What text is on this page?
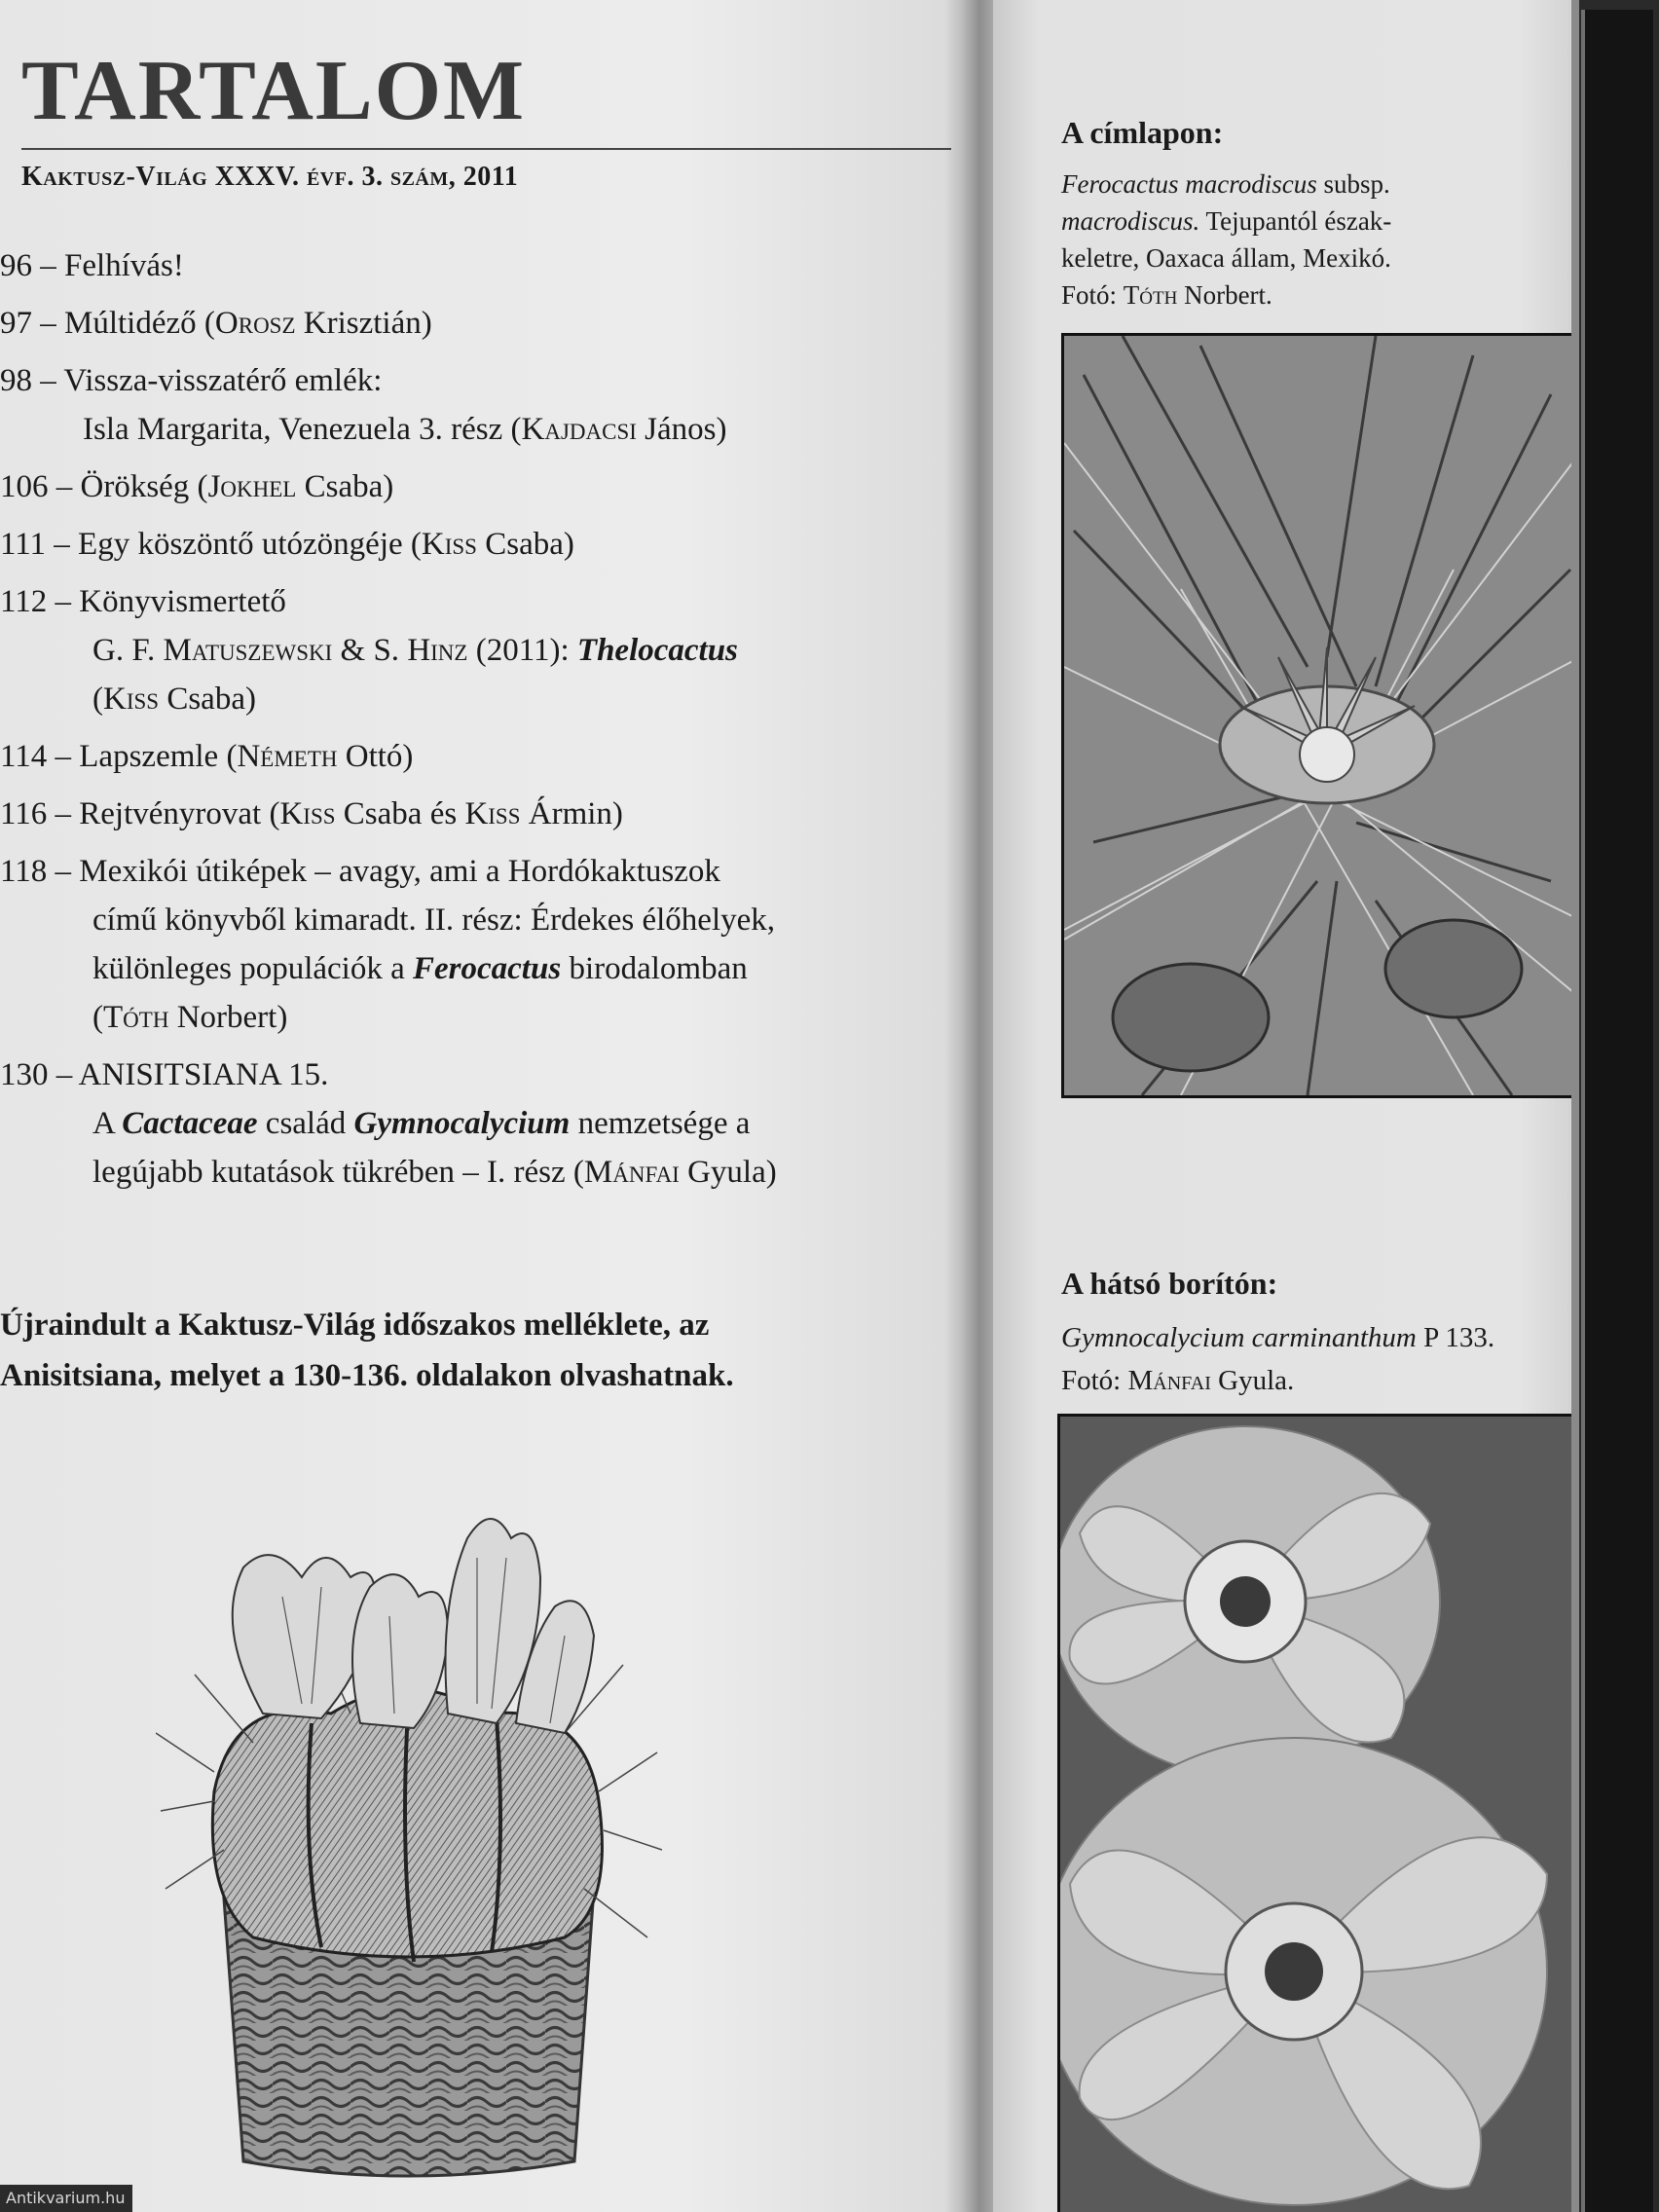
TARTALOM
Kaktusz-Világ XXXV. évf. 3. szám, 2011
96 – Felhívás!
97 – Múltidéző (Orosz Krisztián)
98 – Vissza-visszatérő emlék:
Isla Margarita, Venezuela 3. rész (Kajdacsi János)
106 – Örökség (Jokhel Csaba)
111 – Egy köszöntő utózöngéje (Kiss Csaba)
112 – Könyvismertető
G. F. Matuszewski & S. Hinz (2011): Thelocactus
(Kiss Csaba)
114 – Lapszemle (Németh Ottó)
116 – Rejtvényrovat (Kiss Csaba és Kiss Ármin)
118 – Mexikói útiképek – avagy, ami a Hordókaktuszok
című könyvből kimaradt. II. rész: Érdekes élőhelyek,
különleges populációk a Ferocactus birodalomban
(Tóth Norbert)
130 – ANISITSIANA 15.
A Cactaceae család Gymnocalycium nemzetsége a
legújabb kutatások tükrében – I. rész (Mánfai Gyula)
Újraindult a Kaktusz-Világ időszakos melléklete, az
Anisitsiana, melyet a 130-136. oldalakon olvashatnak.
A címlapon:
Ferocactus macrodiscus subsp.
macrodiscus. Tejupantól észak-
keletre, Oaxaca állam, Mexikó.
Fotó: Tóth Norbert.
A hátsó borítón:
Gymnocalycium carminanthum P 133.
Fotó: Mánfai Gyula.
Antikvarium.hu
